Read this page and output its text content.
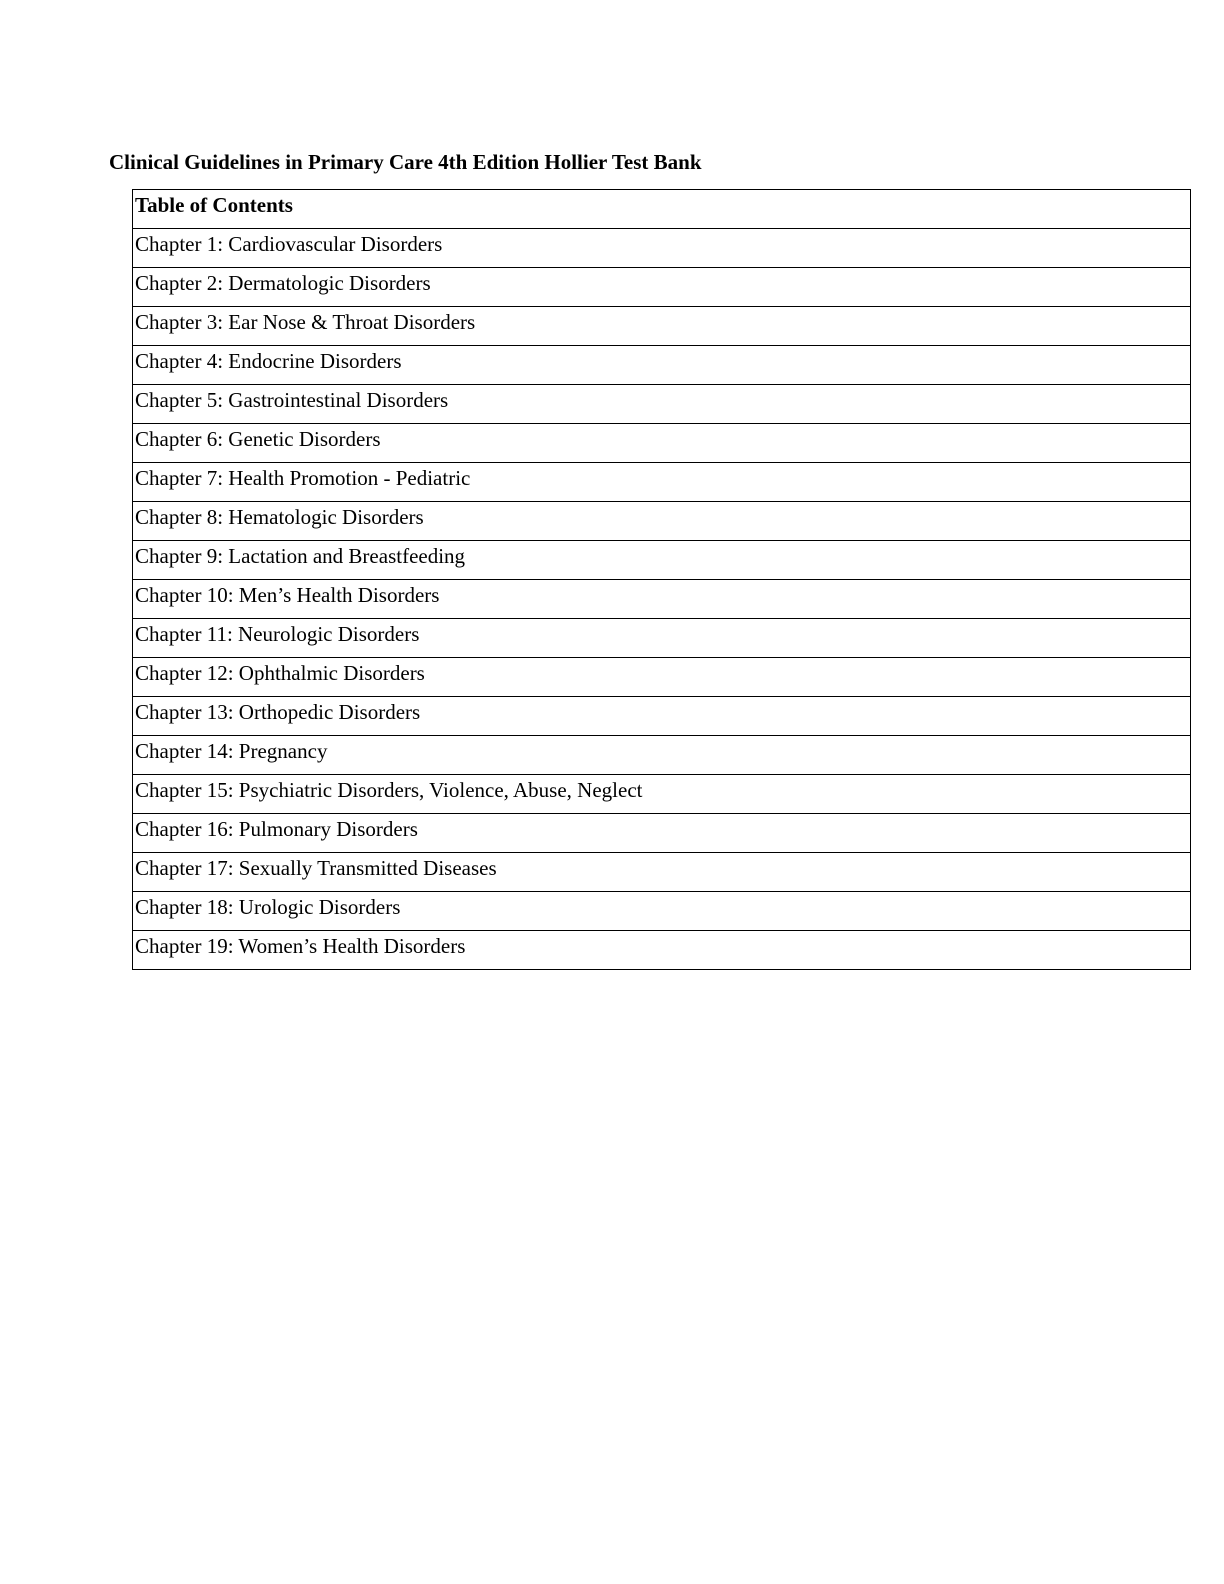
Clinical Guidelines in Primary Care 4th Edition Hollier Test Bank
Table of Contents
Chapter 1: Cardiovascular Disorders
Chapter 2: Dermatologic Disorders
Chapter 3: Ear Nose & Throat Disorders
Chapter 4: Endocrine Disorders
Chapter 5: Gastrointestinal Disorders
Chapter 6: Genetic Disorders
Chapter 7: Health Promotion - Pediatric
Chapter 8: Hematologic Disorders
Chapter 9: Lactation and Breastfeeding
Chapter 10: Men’s Health Disorders
Chapter 11: Neurologic Disorders
Chapter 12: Ophthalmic Disorders
Chapter 13: Orthopedic Disorders
Chapter 14: Pregnancy
Chapter 15: Psychiatric Disorders, Violence, Abuse, Neglect
Chapter 16: Pulmonary Disorders
Chapter 17: Sexually Transmitted Diseases
Chapter 18: Urologic Disorders
Chapter 19: Women’s Health Disorders
